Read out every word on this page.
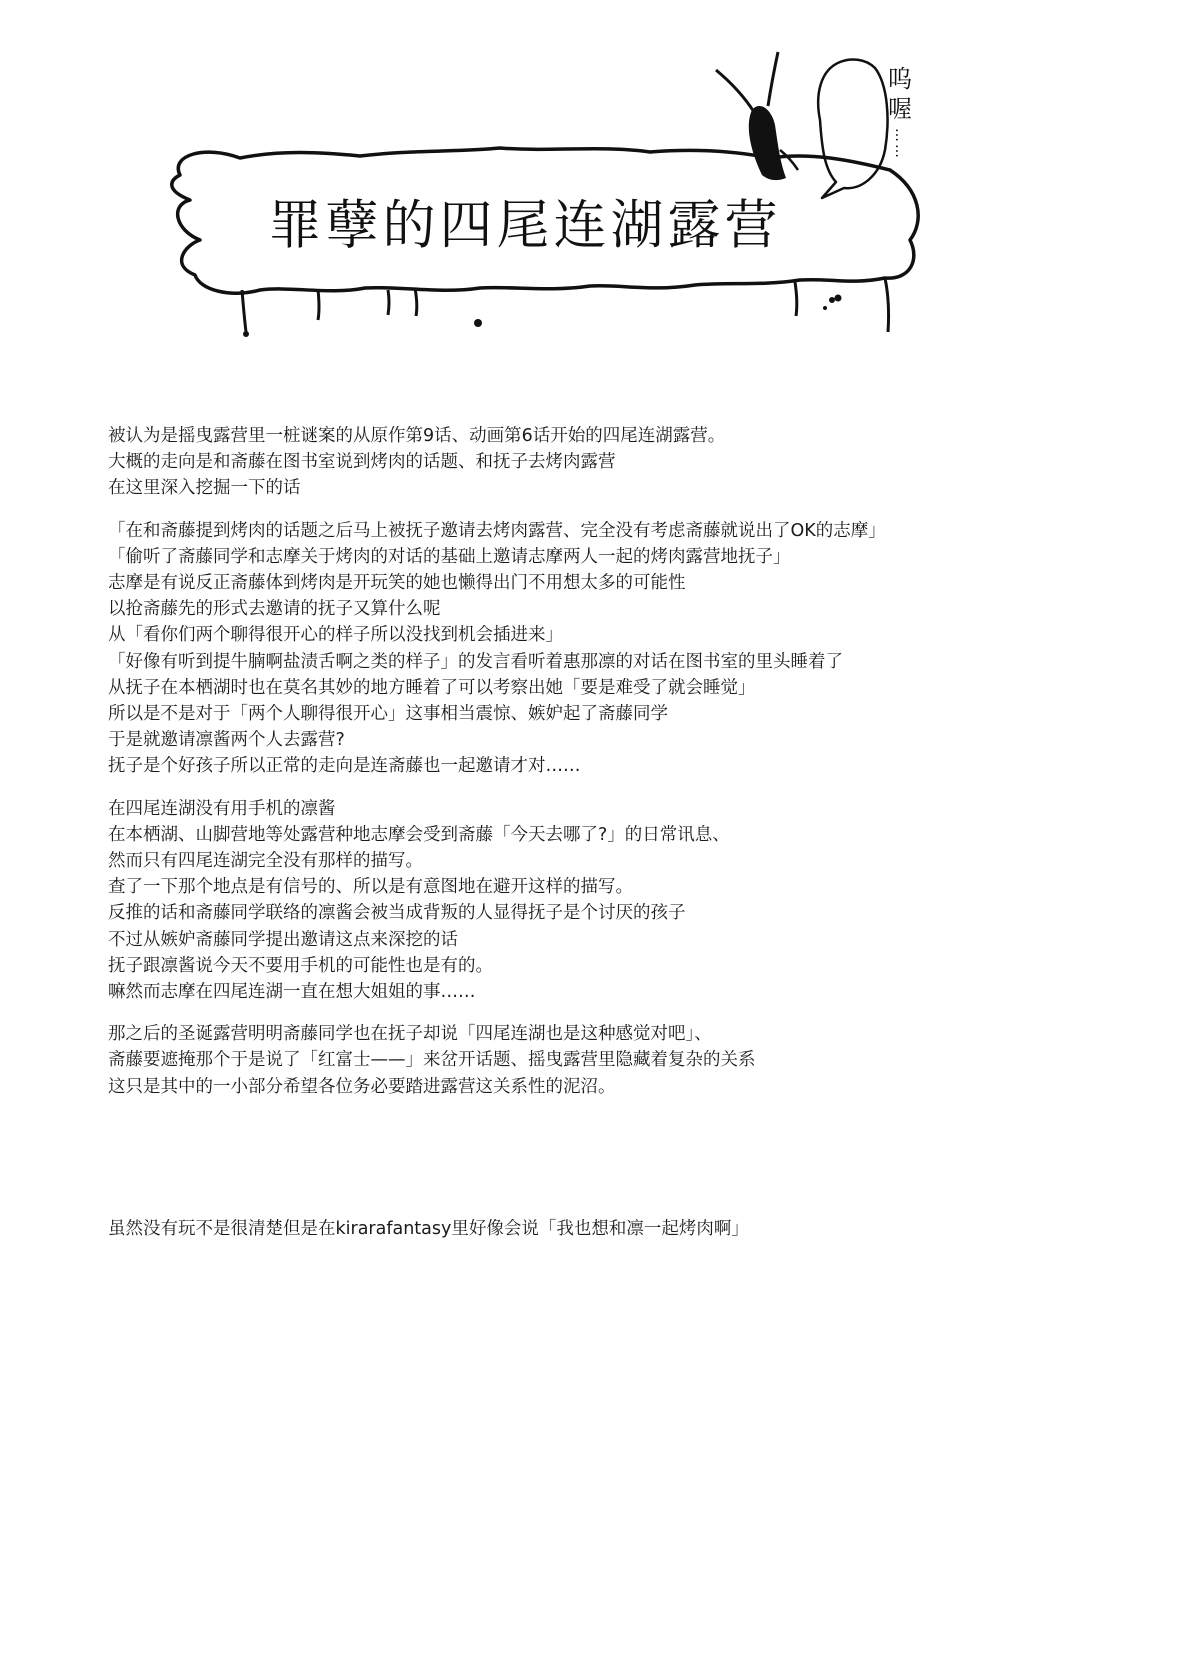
罪孽的四尾连湖露营
呜
喔
……
被认为是摇曳露营里一桩谜案的从原作第9话、动画第6话开始的四尾连湖露营。
大概的走向是和斋藤在图书室说到烤肉的话题、和抚子去烤肉露营
在这里深入挖掘一下的话
「在和斋藤提到烤肉的话题之后马上被抚子邀请去烤肉露营、完全没有考虑斋藤就说出了OK的志摩」
「偷听了斋藤同学和志摩关于烤肉的对话的基础上邀请志摩两人一起的烤肉露营地抚子」
志摩是有说反正斋藤体到烤肉是开玩笑的她也懒得出门不用想太多的可能性
以抢斋藤先的形式去邀请的抚子又算什么呢
从「看你们两个聊得很开心的样子所以没找到机会插进来」
「好像有听到提牛腩啊盐渍舌啊之类的样子」的发言看听着惠那凛的对话在图书室的里头睡着了
从抚子在本栖湖时也在莫名其妙的地方睡着了可以考察出她「要是难受了就会睡觉」
所以是不是对于「两个人聊得很开心」这事相当震惊、嫉妒起了斋藤同学
于是就邀请凛酱两个人去露营?
抚子是个好孩子所以正常的走向是连斋藤也一起邀请才对……
在四尾连湖没有用手机的凛酱
在本栖湖、山脚营地等处露营种地志摩会受到斋藤「今天去哪了?」的日常讯息、
然而只有四尾连湖完全没有那样的描写。
查了一下那个地点是有信号的、所以是有意图地在避开这样的描写。
反推的话和斋藤同学联络的凛酱会被当成背叛的人显得抚子是个讨厌的孩子
不过从嫉妒斋藤同学提出邀请这点来深挖的话
抚子跟凛酱说今天不要用手机的可能性也是有的。
嘛然而志摩在四尾连湖一直在想大姐姐的事……
那之后的圣诞露营明明斋藤同学也在抚子却说「四尾连湖也是这种感觉对吧」、
斋藤要遮掩那个于是说了「红富士——」来岔开话题、摇曳露营里隐藏着复杂的关系
这只是其中的一小部分希望各位务必要踏进露营这关系性的泥沼。
虽然没有玩不是很清楚但是在kirarafantasy里好像会说「我也想和凛一起烤肉啊」
